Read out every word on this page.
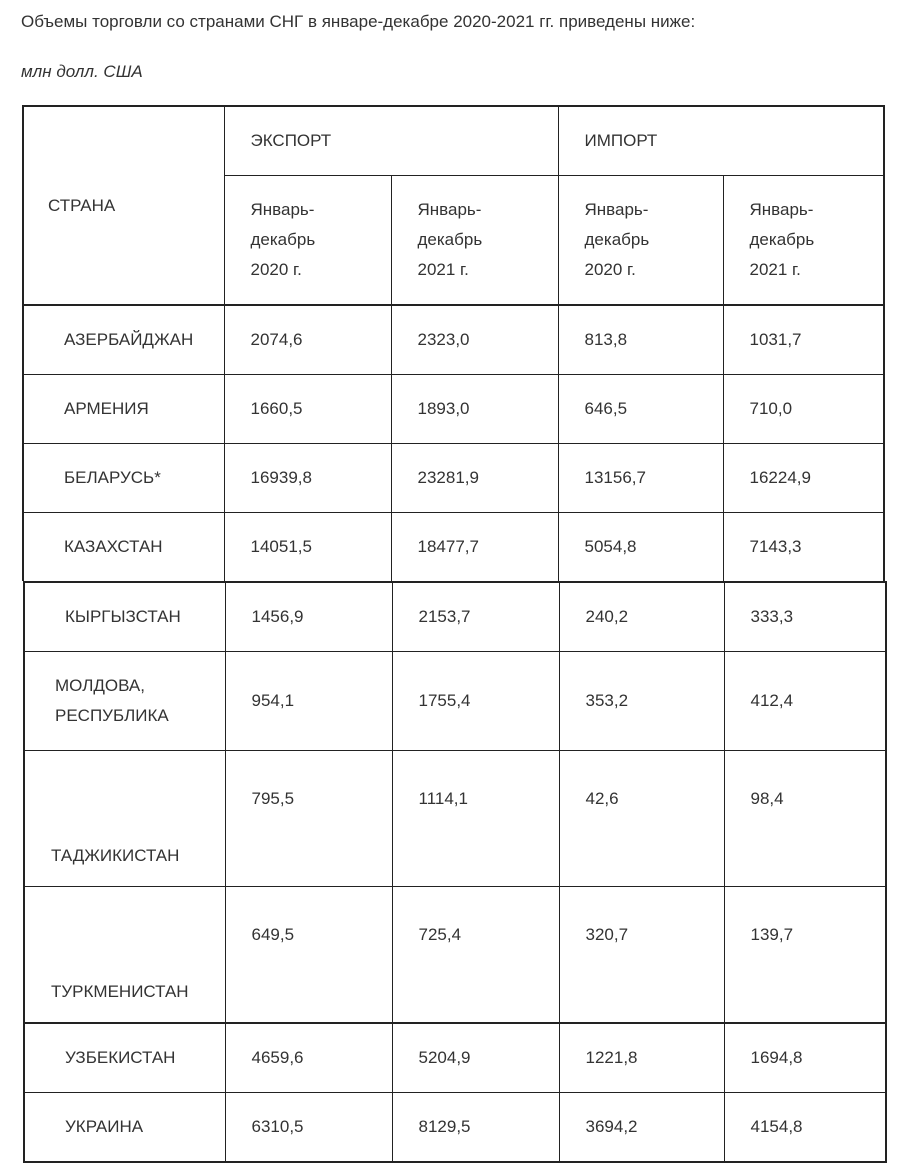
Объемы торговли со странами СНГ в январе-декабре 2020-2021 гг. приведены ниже:

млн долл. США

СТРАНА	ЭКСПОРТ		ИМПОРТ	
	Январь-
декабрь
2020 г.	Январь-
декабрь
2021 г.	Январь-
декабрь
2020 г.	Январь-
декабрь
2021 г.
АЗЕРБАЙДЖАН	2074,6	2323,0	813,8	1031,7
АРМЕНИЯ	1660,5	1893,0	646,5	710,0
БЕЛАРУСЬ*	16939,8	23281,9	13156,7	16224,9
КАЗАХСТАН	14051,5	18477,7	5054,8	7143,3
КЫРГЫЗСТАН	1456,9	2153,7	240,2	333,3
МОЛДОВА,
РЕСПУБЛИКА	954,1	1755,4	353,2	412,4
ТАДЖИКИСТАН	795,5	1114,1	42,6	98,4
ТУРКМЕНИСТАН	649,5	725,4	320,7	139,7
УЗБЕКИСТАН	4659,6	5204,9	1221,8	1694,8
УКРАИНА	6310,5	8129,5	3694,2	4154,8
